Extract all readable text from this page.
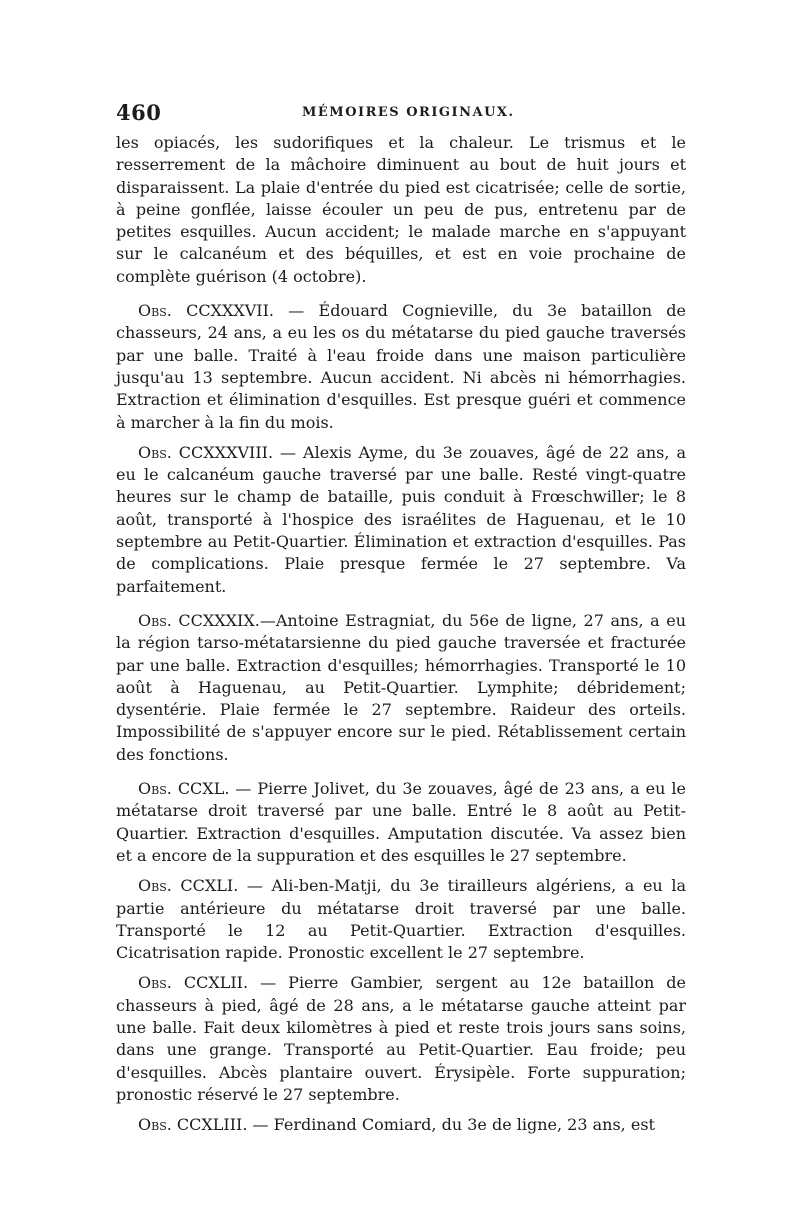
460	MÉMOIRES ORIGINAUX.

les opiacés, les sudorifiques et la chaleur. Le trismus et le resserrement de la mâchoire diminuent au bout de huit jours et disparaissent. La plaie d'entrée du pied est cicatrisée; celle de sortie, à peine gonflée, laisse écouler un peu de pus, entretenu par de petites esquilles. Aucun accident; le malade marche en s'appuyant sur le calcanéum et des béquilles, et est en voie prochaine de complète guérison (4 octobre).

Obs. CCXXXVII. — Édouard Cognieville, du 3e bataillon de chasseurs, 24 ans, a eu les os du métatarse du pied gauche traversés par une balle. Traité à l'eau froide dans une maison particulière jusqu'au 13 septembre. Aucun accident. Ni abcès ni hémorrhagies. Extraction et élimination d'esquilles. Est presque guéri et commence à marcher à la fin du mois.

Obs. CCXXXVIII. — Alexis Ayme, du 3e zouaves, âgé de 22 ans, a eu le calcanéum gauche traversé par une balle. Resté vingt-quatre heures sur le champ de bataille, puis conduit à Frœschwiller; le 8 août, transporté à l'hospice des israélites de Haguenau, et le 10 septembre au Petit-Quartier. Élimination et extraction d'esquilles. Pas de complications. Plaie presque fermée le 27 septembre. Va parfaitement.

Obs. CCXXXIX.—Antoine Estragniat, du 56e de ligne, 27 ans, a eu la région tarso-métatarsienne du pied gauche traversée et fracturée par une balle. Extraction d'esquilles; hémorrhagies. Transporté le 10 août à Haguenau, au Petit-Quartier. Lymphite; débridement; dysentérie. Plaie fermée le 27 septembre. Raideur des orteils. Impossibilité de s'appuyer encore sur le pied. Rétablissement certain des fonctions.

Obs. CCXL. — Pierre Jolivet, du 3e zouaves, âgé de 23 ans, a eu le métatarse droit traversé par une balle. Entré le 8 août au Petit-Quartier. Extraction d'esquilles. Amputation discutée. Va assez bien et a encore de la suppuration et des esquilles le 27 septembre.

Obs. CCXLI. — Ali-ben-Matji, du 3e tirailleurs algériens, a eu la partie antérieure du métatarse droit traversé par une balle. Transporté le 12 au Petit-Quartier. Extraction d'esquilles. Cicatrisation rapide. Pronostic excellent le 27 septembre.

Obs. CCXLII. — Pierre Gambier, sergent au 12e bataillon de chasseurs à pied, âgé de 28 ans, a le métatarse gauche atteint par une balle. Fait deux kilomètres à pied et reste trois jours sans soins, dans une grange. Transporté au Petit-Quartier. Eau froide; peu d'esquilles. Abcès plantaire ouvert. Érysipèle. Forte suppuration; pronostic réservé le 27 septembre.

Obs. CCXLIII. — Ferdinand Comiard, du 3e de ligne, 23 ans, est
